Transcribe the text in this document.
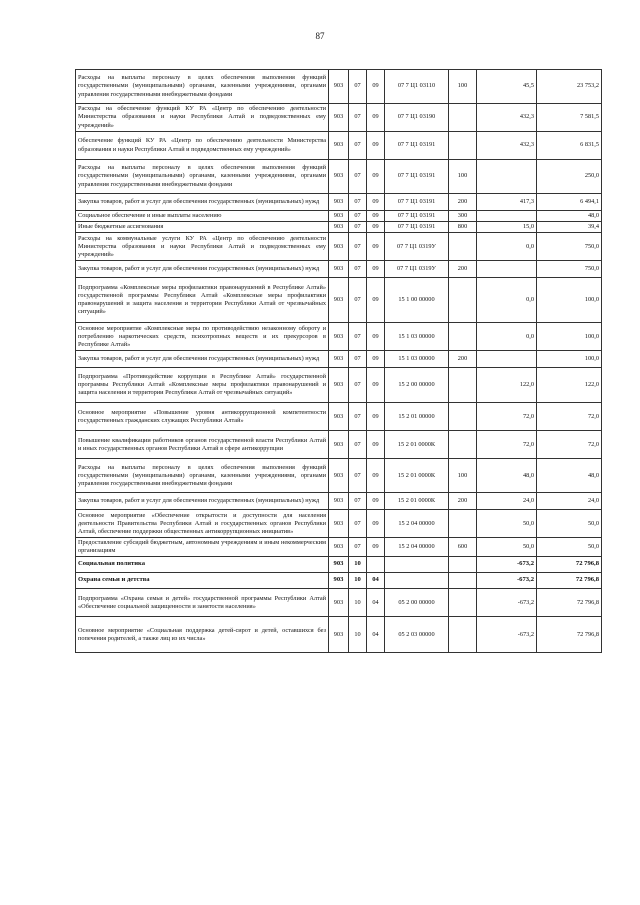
87
Расходы на выплаты персоналу в целях обеспечения выполнения функций государственными (муниципальными) органами, казенными учреждениями, органами управления государственными внебюджетными фондами	903	07	09	07 7 Ц1 03110	100	45,5	23 753,2
Расходы на обеспечение функций КУ РА «Центр по обеспечению деятельности Министерства образования и науки Республики Алтай и подведомственных ему учреждений»	903	07	09	07 7 Ц1 03190		432,3	7 581,5
Обеспечение функций КУ РА «Центр по обеспечению деятельности Министерства образования и науки Республики Алтай и подведомственных ему учреждений»	903	07	09	07 7 Ц1 03191		432,3	6 831,5
Расходы на выплаты персоналу в целях обеспечения выполнения функций государственными (муниципальными) органами, казенными учреждениями, органами управления государственными внебюджетными фондами	903	07	09	07 7 Ц1 03191	100		250,0
Закупка товаров, работ и услуг для обеспечения государственных (муниципальных) нужд	903	07	09	07 7 Ц1 03191	200	417,3	6 494,1
Социальное обеспечение и иные выплаты населению	903	07	09	07 7 Ц1 03191	300		48,0
Иные бюджетные ассигнования	903	07	09	07 7 Ц1 03191	800	15,0	39,4
Расходы на коммунальные услуги КУ РА «Центр по обеспечению деятельности Министерства образования и науки Республики Алтай и подведомственных ему учреждений»	903	07	09	07 7 Ц1 0319У		0,0	750,0
Закупка товаров, работ и услуг для обеспечения государственных (муниципальных) нужд	903	07	09	07 7 Ц1 0319У	200		750,0
Подпрограмма «Комплексные меры профилактики правонарушений в Республике Алтай» государственной программы Республики Алтай «Комплексные меры профилактики правонарушений и защита населения и территории Республики Алтай от чрезвычайных ситуаций»	903	07	09	15 1 00 00000		0,0	100,0
Основное мероприятие «Комплексные меры по противодействию незаконному обороту и потреблению наркотических средств, психотропных веществ и их прекурсоров в Республике Алтай»	903	07	09	15 1 03 00000		0,0	100,0
Закупка товаров, работ и услуг для обеспечения государственных (муниципальных) нужд	903	07	09	15 1 03 00000	200		100,0
Подпрограмма «Противодействие коррупции в Республике Алтай» государственной программы Республики Алтай «Комплексные меры профилактики правонарушений и защита населения и территории Республики Алтай от чрезвычайных ситуаций»	903	07	09	15 2 00 00000		122,0	122,0
Основное мероприятие «Повышение уровня антикоррупционной компетентности государственных гражданских служащих Республики Алтай»	903	07	09	15 2 01 00000		72,0	72,0
Повышение квалификации работников органов государственной власти Республики Алтай и иных государственных органов Республики Алтай в сфере антикоррупции	903	07	09	15 2 01 0000К		72,0	72,0
Расходы на выплаты персоналу в целях обеспечения выполнения функций государственными (муниципальными) органами, казенными учреждениями, органами управления государственными внебюджетными фондами	903	07	09	15 2 01 0000К	100	48,0	48,0
Закупка товаров, работ и услуг для обеспечения государственных (муниципальных) нужд	903	07	09	15 2 01 0000К	200	24,0	24,0
Основное мероприятие «Обеспечение открытости и доступности для населения деятельности Правительства Республики Алтай и государственных органов Республики Алтай, обеспечение поддержки общественных антикоррупционных инициатив»	903	07	09	15 2 04 00000		50,0	50,0
Предоставление субсидий бюджетным, автономным учреждениям и иным некоммерческим организациям	903	07	09	15 2 04 00000	600	50,0	50,0
Социальная политика	903	10				-673,2	72 796,8
Охрана семьи и детства	903	10	04			-673,2	72 796,8
Подпрограмма «Охрана семьи и детей» государственной программы Республики Алтай «Обеспечение социальной защищенности и занятости населения»	903	10	04	05 2 00 00000		-673,2	72 796,8
Основное мероприятие «Социальная поддержка детей-сирот и детей, оставшихся без попечения родителей, а также лиц из их числа»	903	10	04	05 2 03 00000		-673,2	72 796,8
